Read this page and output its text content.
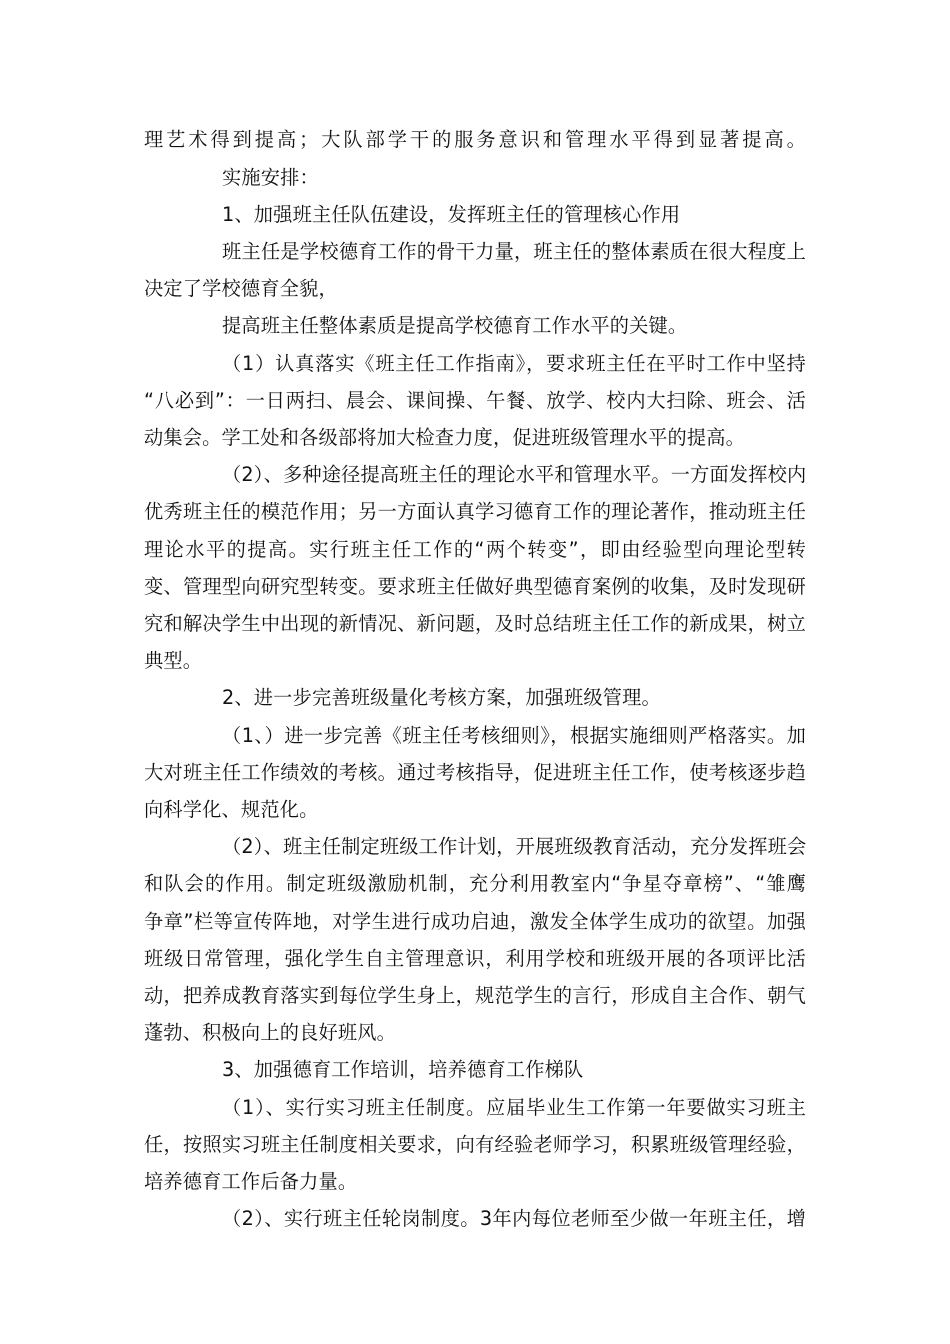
理艺术得到提高；大队部学干的服务意识和管理水平得到显著提高。
实施安排：
1、加强班主任队伍建设，发挥班主任的管理核心作用
班主任是学校德育工作的骨干力量，班主任的整体素质在很大程度上
决定了学校德育全貌，
提高班主任整体素质是提高学校德育工作水平的关键。
（1）认真落实《班主任工作指南》，要求班主任在平时工作中坚持
“八必到”：一日两扫、晨会、课间操、午餐、放学、校内大扫除、班会、活
动集会。学工处和各级部将加大检查力度，促进班级管理水平的提高。
（2）、多种途径提高班主任的理论水平和管理水平。一方面发挥校内
优秀班主任的模范作用；另一方面认真学习德育工作的理论著作，推动班主任
理论水平的提高。实行班主任工作的“两个转变”，即由经验型向理论型转
变、管理型向研究型转变。要求班主任做好典型德育案例的收集，及时发现研
究和解决学生中出现的新情况、新问题，及时总结班主任工作的新成果，树立
典型。
2、进一步完善班级量化考核方案，加强班级管理。
（1、）进一步完善《班主任考核细则》，根据实施细则严格落实。加
大对班主任工作绩效的考核。通过考核指导，促进班主任工作，使考核逐步趋
向科学化、规范化。
（2）、班主任制定班级工作计划，开展班级教育活动，充分发挥班会
和队会的作用。制定班级激励机制，充分利用教室内“争星夺章榜”、“雏鹰
争章”栏等宣传阵地，对学生进行成功启迪，激发全体学生成功的欲望。加强
班级日常管理，强化学生自主管理意识，利用学校和班级开展的各项评比活
动，把养成教育落实到每位学生身上，规范学生的言行，形成自主合作、朝气
蓬勃、积极向上的良好班风。
3、加强德育工作培训，培养德育工作梯队
（1）、实行实习班主任制度。应届毕业生工作第一年要做实习班主
任，按照实习班主任制度相关要求，向有经验老师学习，积累班级管理经验，
培养德育工作后备力量。
（2）、实行班主任轮岗制度。3年内每位老师至少做一年班主任，增
